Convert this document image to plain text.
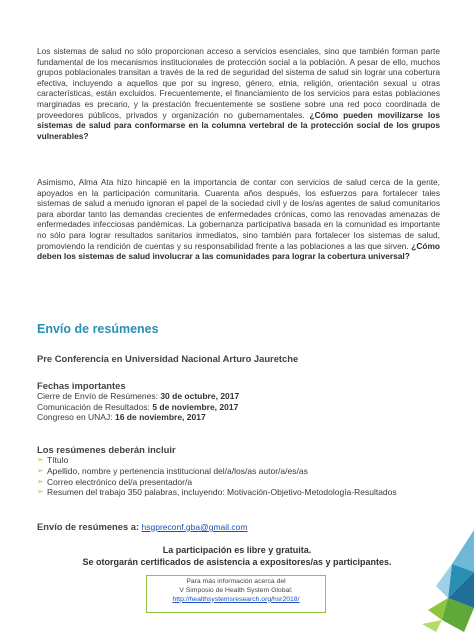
Los sistemas de salud no sólo proporcionan acceso a servicios esenciales, sino que también forman parte fundamental de los mecanismos institucionales de protección social a la población. A pesar de ello, muchos grupos poblacionales transitan a través de la red de seguridad del sistema de salud sin lograr una cobertura efectiva, incluyendo a aquellos que por su ingreso, género, etnia, religión, orientación sexual u otras características, están excluidos. Frecuentemente, el financiamiento de los servicios para estas poblaciones marginadas es precario, y la prestación frecuentemente se sostiene sobre una red poco coordinada de proveedores públicos, privados y organización no gubernamentales. ¿Cómo pueden movilizarse los sistemas de salud para conformarse en la columna vertebral de la protección social de los grupos vulnerables?

Asimismo, Alma Ata hizo hincapié en la importancia de contar con servicios de salud cerca de la gente, apoyados en la participación comunitaria. Cuarenta años después, los esfuerzos para fortalecer tales sistemas de salud a menudo ignoran el papel de la sociedad civil y de los/as agentes de salud comunitarios para abordar tanto las demandas crecientes de enfermedades crónicas, como las renovadas amenazas de enfermedades infecciosas pandémicas. La gobernanza participativa basada en la comunidad es importante no sólo para lograr resultados sanitarios inmediatos, sino también para fortalecer los sistemas de salud, promoviendo la rendición de cuentas y su responsabilidad frente a las poblaciones a las que sirven. ¿Cómo deben los sistemas de salud involucrar a las comunidades para lograr la cobertura universal?

Envío de resúmenes
Pre Conferencia en Universidad Nacional Arturo Jauretche
Fechas importantes
Cierre de Envío de Resúmenes: 30 de octubre, 2017
Comunicación de Resultados: 5 de noviembre, 2017
Congreso en UNAJ: 16 de noviembre, 2017
Los resúmenes deberán incluir
➢ Título
➢ Apellido, nombre y pertenencia institucional del/a/los/as autor/a/es/as
➢ Correo electrónico del/a presentador/a
➢ Resumen del trabajo 350 palabras, incluyendo: Motivación-Objetivo-Metodología-Resultados
Envío de resúmenes a: hsgpreconf.gba@gmail.com
La participación es libre y gratuita.
Se otorgarán certificados de asistencia a expositores/as y participantes.
Para más información acerca del
V Simposio de Health System Global:
http://healthsystemsresearch.org/hsr2018/
